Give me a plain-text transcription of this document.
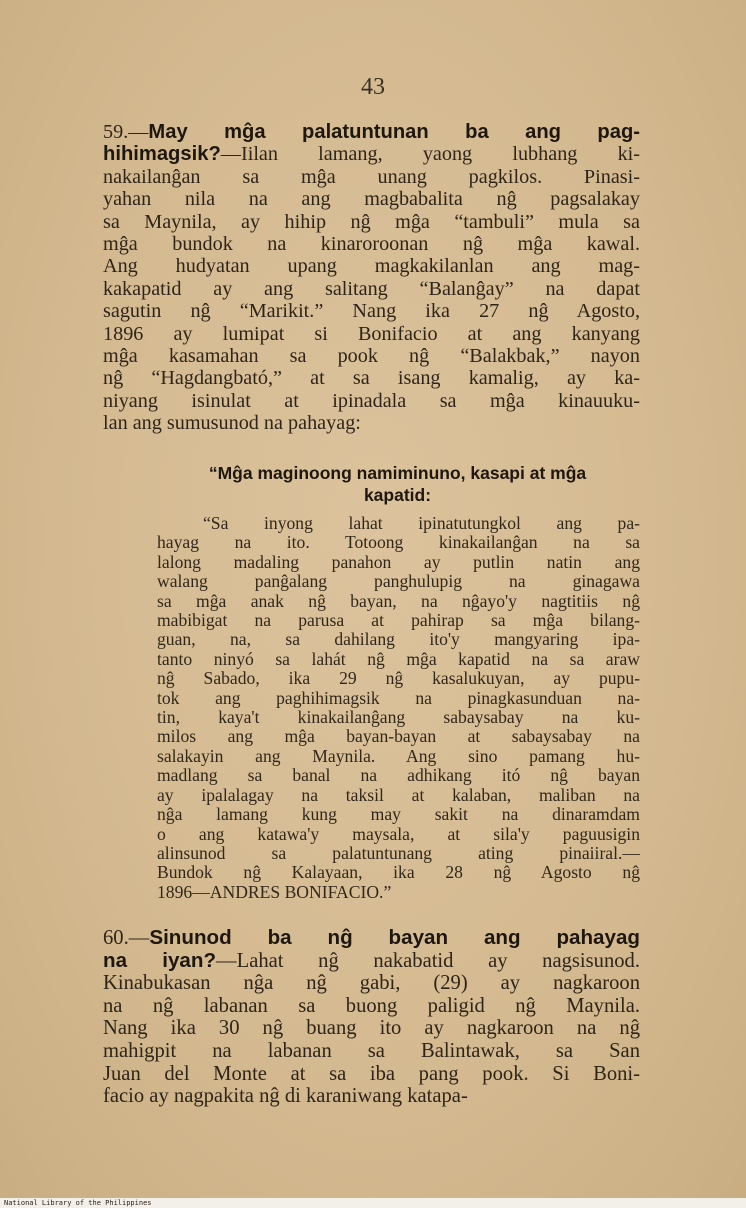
43
59.—May mĝa palatuntunan ba ang pag-
hihimagsik?—Iilan lamang, yaong lubhang ki-
nakailanĝan sa mĝa unang pagkilos. Pinasi-
yahan nila na ang magbabalita nĝ pagsalakay
sa Maynila, ay hihip nĝ mĝa “tambuli” mula sa
mĝa bundok na kinaroroonan nĝ mĝa kawal.
Ang hudyatan upang magkakilanlan ang mag-
kakapatid ay ang salitang “Balanĝay” na dapat
sagutin nĝ “Marikit.” Nang ika 27 nĝ Agosto,
1896 ay lumipat si Bonifacio at ang kanyang
mĝa kasamahan sa pook nĝ “Balakbak,” nayon
nĝ “Hagdangbató,” at sa isang kamalig, ay ka-
niyang isinulat at ipinadala sa mĝa kinauuku-
lan ang sumusunod na pahayag:
“Mĝa maginoong namiminuno, kasapi at mĝa
kapatid:
“Sa inyong lahat ipinatutungkol ang pa-
hayag na ito. Totoong kinakailanĝan na sa
lalong madaling panahon ay putlin natin ang
walang panĝalang panghulupig na ginagawa
sa mĝa anak nĝ bayan, na nĝayo'y nagtitiis nĝ
mabibigat na parusa at pahirap sa mĝa bilang-
guan, na, sa dahilang ito'y mangyaring ipa-
tanto ninyó sa lahát nĝ mĝa kapatid na sa araw
nĝ Sabado, ika 29 nĝ kasalukuyan, ay pupu-
tok ang paghihimagsik na pinagkasunduan na-
tin, kaya't kinakailanĝang sabaysabay na ku-
milos ang mĝa bayan-bayan at sabaysabay na
salakayin ang Maynila. Ang sino pamang hu-
madlang sa banal na adhikang itó nĝ bayan
ay ipalalagay na taksil at kalaban, maliban na
nĝa lamang kung may sakit na dinaramdam
o ang katawa'y maysala, at sila'y paguusigin
alinsunod sa palatuntunang ating pinaiiral.—
Bundok nĝ Kalayaan, ika 28 nĝ Agosto nĝ
1896—ANDRES BONIFACIO.”
60.—Sinunod ba nĝ bayan ang pahayag
na iyan?—Lahat nĝ nakabatid ay nagsisunod.
Kinabukasan nĝa nĝ gabi, (29) ay nagkaroon
na nĝ labanan sa buong paligid nĝ Maynila.
Nang ika 30 nĝ buang ito ay nagkaroon na nĝ
mahigpit na labanan sa Balintawak, sa San
Juan del Monte at sa iba pang pook. Si Boni-
facio ay nagpakita nĝ di karaniwang katapa-
National Library of the Philippines
